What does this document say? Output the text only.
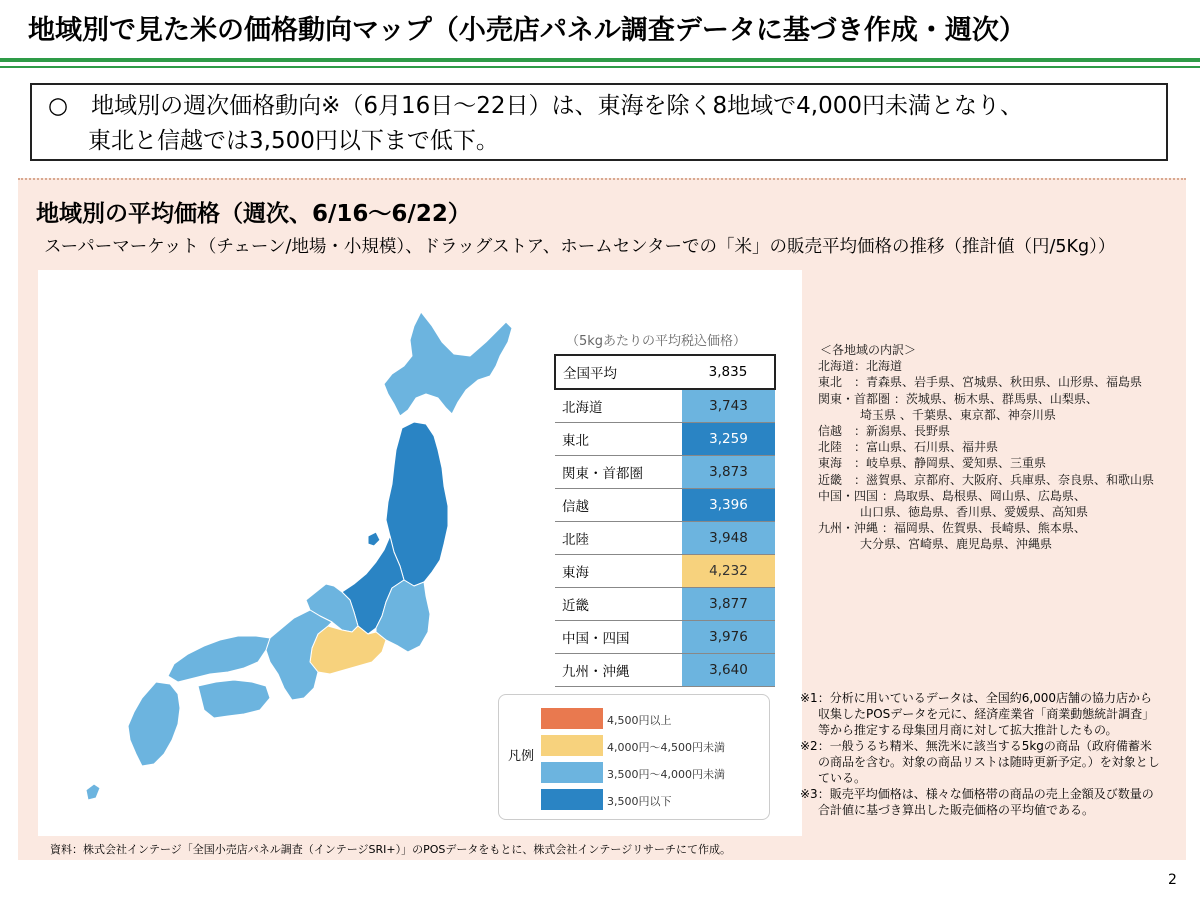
地域別で見た米の価格動向マップ（小売店パネル調査データに基づき作成・週次）
○　地域別の週次価格動向※（6月16日～22日）は、東海を除く8地域で4,000円未満となり、
東北と信越では3,500円以下まで低下。
地域別の平均価格（週次、6/16～6/22）
スーパーマーケット（チェーン/地場・小規模）、ドラッグストア、ホームセンターでの「米」の販売平均価格の推移（推計値（円/5Kg））
（5kgあたりの平均税込価格）
全国平均	3,835
北海道	3,743
東北	3,259
関東・首都圏	3,873
信越	3,396
北陸	3,948
東海	4,232
近畿	3,877
中国・四国	3,976
九州・沖縄	3,640
凡例
4,500円以上
4,000円～4,500円未満
3,500円～4,000円未満
3,500円以下
＜各地域の内訳＞
北海道：北海道
東北　：青森県、岩手県、宮城県、秋田県、山形県、福島県
関東・首都圏 ：茨城県、栃木県、群馬県、山梨県、
埼玉県 、千葉県、東京都、神奈川県
信越　：新潟県、長野県
北陸　：富山県、石川県、福井県
東海　：岐阜県、静岡県、愛知県、三重県
近畿　：滋賀県、京都府、大阪府、兵庫県、奈良県、和歌山県
中国・四国 ：鳥取県、島根県、岡山県、広島県、
山口県、徳島県、香川県、愛媛県、高知県
九州・沖縄 ：福岡県、佐賀県、長崎県、熊本県、
大分県、宮崎県、鹿児島県、沖縄県
※1：分析に用いているデータは、全国約6,000店舗の協力店から収集したPOSデータを元に、経済産業省「商業動態統計調査」等から推定する母集団月商に対して拡大推計したもの。
※2：一般うるち精米、無洗米に該当する5kgの商品（政府備蓄米の商品を含む。対象の商品リストは随時更新予定。）を対象としている。
※3：販売平均価格は、様々な価格帯の商品の売上金額及び数量の合計値に基づき算出した販売価格の平均値である。
資料：株式会社インテージ「全国小売店パネル調査（インテージSRI+）」のPOSデータをもとに、株式会社インテージリサーチにて作成。
2
